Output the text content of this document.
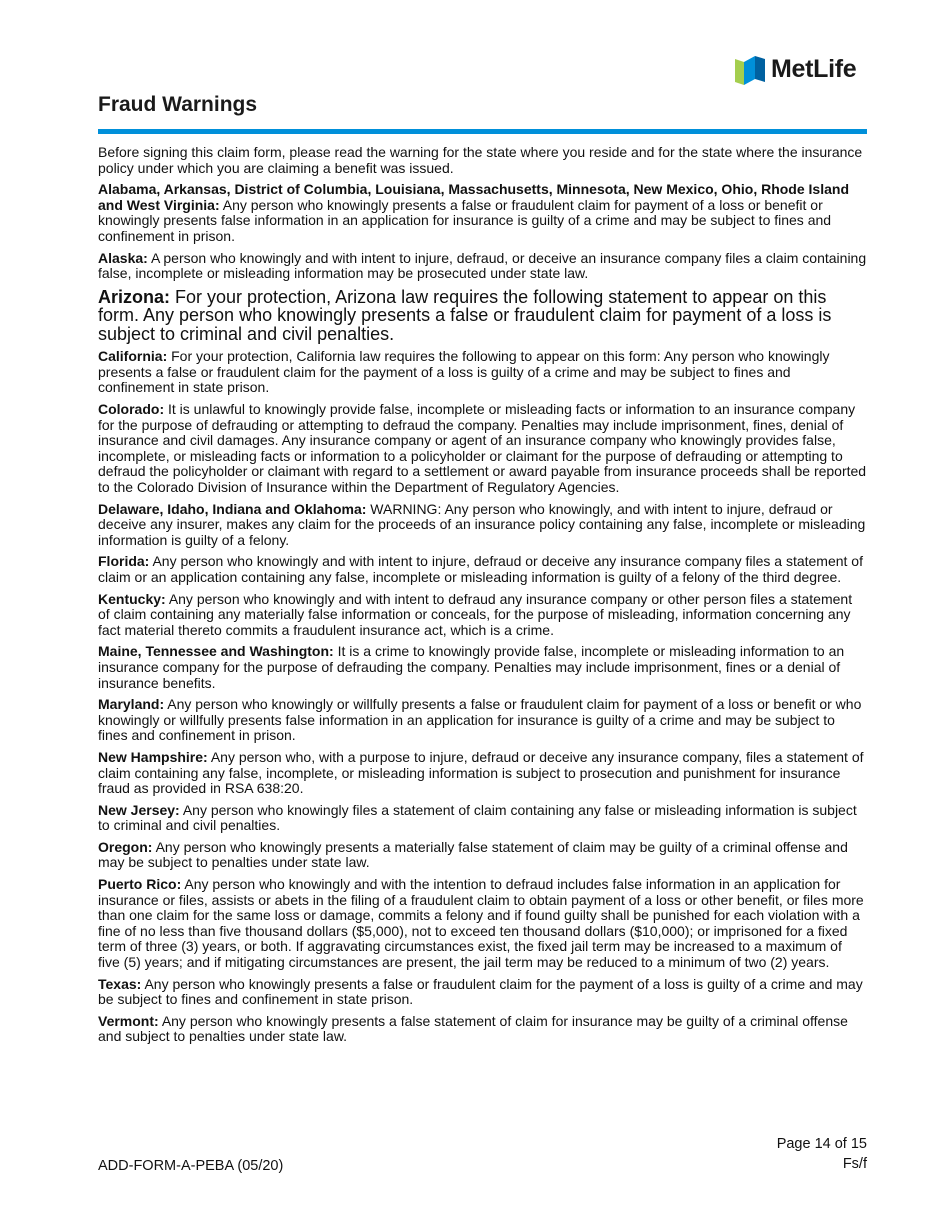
MetLife
Fraud Warnings

Before signing this claim form, please read the warning for the state where you reside and for the state where the insurance policy under which you are claiming a benefit was issued.

Alabama, Arkansas, District of Columbia, Louisiana, Massachusetts, Minnesota, New Mexico, Ohio, Rhode Island and West Virginia: Any person who knowingly presents a false or fraudulent claim for payment of a loss or benefit or knowingly presents false information in an application for insurance is guilty of a crime and may be subject to fines and confinement in prison.

Alaska: A person who knowingly and with intent to injure, defraud, or deceive an insurance company files a claim containing false, incomplete or misleading information may be prosecuted under state law.

Arizona: For your protection, Arizona law requires the following statement to appear on this form. Any person who knowingly presents a false or fraudulent claim for payment of a loss is subject to criminal and civil penalties.

California: For your protection, California law requires the following to appear on this form: Any person who knowingly presents a false or fraudulent claim for the payment of a loss is guilty of a crime and may be subject to fines and confinement in state prison.

Colorado: It is unlawful to knowingly provide false, incomplete or misleading facts or information to an insurance company for the purpose of defrauding or attempting to defraud the company. Penalties may include imprisonment, fines, denial of insurance and civil damages. Any insurance company or agent of an insurance company who knowingly provides false, incomplete, or misleading facts or information to a policyholder or claimant for the purpose of defrauding or attempting to defraud the policyholder or claimant with regard to a settlement or award payable from insurance proceeds shall be reported to the Colorado Division of Insurance within the Department of Regulatory Agencies.

Delaware, Idaho, Indiana and Oklahoma: WARNING: Any person who knowingly, and with intent to injure, defraud or deceive any insurer, makes any claim for the proceeds of an insurance policy containing any false, incomplete or misleading information is guilty of a felony.

Florida: Any person who knowingly and with intent to injure, defraud or deceive any insurance company files a statement of claim or an application containing any false, incomplete or misleading information is guilty of a felony of the third degree.

Kentucky: Any person who knowingly and with intent to defraud any insurance company or other person files a statement of claim containing any materially false information or conceals, for the purpose of misleading, information concerning any fact material thereto commits a fraudulent insurance act, which is a crime.

Maine, Tennessee and Washington: It is a crime to knowingly provide false, incomplete or misleading information to an insurance company for the purpose of defrauding the company. Penalties may include imprisonment, fines or a denial of insurance benefits.

Maryland: Any person who knowingly or willfully presents a false or fraudulent claim for payment of a loss or benefit or who knowingly or willfully presents false information in an application for insurance is guilty of a crime and may be subject to fines and confinement in prison.

New Hampshire: Any person who, with a purpose to injure, defraud or deceive any insurance company, files a statement of claim containing any false, incomplete, or misleading information is subject to prosecution and punishment for insurance fraud as provided in RSA 638:20.

New Jersey: Any person who knowingly files a statement of claim containing any false or misleading information is subject to criminal and civil penalties.

Oregon: Any person who knowingly presents a materially false statement of claim may be guilty of a criminal offense and may be subject to penalties under state law.

Puerto Rico: Any person who knowingly and with the intention to defraud includes false information in an application for insurance or files, assists or abets in the filing of a fraudulent claim to obtain payment of a loss or other benefit, or files more than one claim for the same loss or damage, commits a felony and if found guilty shall be punished for each violation with a fine of no less than five thousand dollars ($5,000), not to exceed ten thousand dollars ($10,000); or imprisoned for a fixed term of three (3) years, or both. If aggravating circumstances exist, the fixed jail term may be increased to a maximum of five (5) years; and if mitigating circumstances are present, the jail term may be reduced to a minimum of two (2) years.

Texas: Any person who knowingly presents a false or fraudulent claim for the payment of a loss is guilty of a crime and may be subject to fines and confinement in state prison.

Vermont: Any person who knowingly presents a false statement of claim for insurance may be guilty of a criminal offense and subject to penalties under state law.

ADD-FORM-A-PEBA (05/20)
Page 14 of 15
Fs/f
